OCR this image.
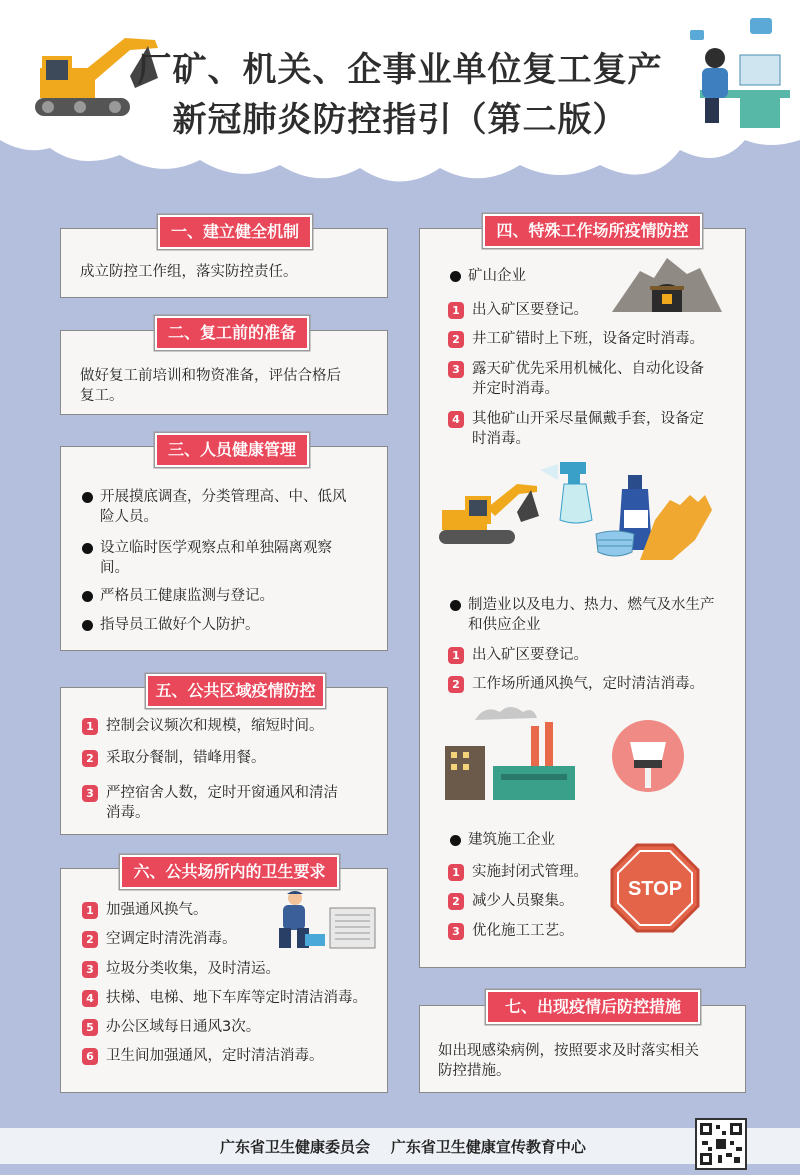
厂矿、机关、企事业单位复工复产
新冠肺炎防控指引（第二版）
一、建立健全机制
成立防控工作组，落实防控责任。
二、复工前的准备
做好复工前培训和物资准备，评估合格后
复工。
三、人员健康管理
开展摸底调查，分类管理高、中、低风
险人员。
设立临时医学观察点和单独隔离观察
间。
严格员工健康监测与登记。
指导员工做好个人防护。
五、公共区域疫情防控
1 控制会议频次和规模，缩短时间。
2 采取分餐制，错峰用餐。
3 严控宿舍人数，定时开窗通风和清洁
消毒。
六、公共场所内的卫生要求
1 加强通风换气。
2 空调定时清洗消毒。
3 垃圾分类收集，及时清运。
4 扶梯、电梯、地下车库等定时清洁消毒。
5 办公区域每日通风3次。
6 卫生间加强通风，定时清洁消毒。
四、特殊工作场所疫情防控
矿山企业
1 出入矿区要登记。
2 井工矿错时上下班，设备定时消毒。
3 露天矿优先采用机械化、自动化设备
并定时消毒。
4 其他矿山开采尽量佩戴手套，设备定
时消毒。
制造业以及电力、热力、燃气及水生产
和供应企业
1 出入矿区要登记。
2 工作场所通风换气，定时清洁消毒。
建筑施工企业
1 实施封闭式管理。
2 减少人员聚集。
3 优化施工工艺。
STOP
七、出现疫情后防控措施
如出现感染病例，按照要求及时落实相关
防控措施。
广东省卫生健康委员会    广东省卫生健康宣传教育中心
